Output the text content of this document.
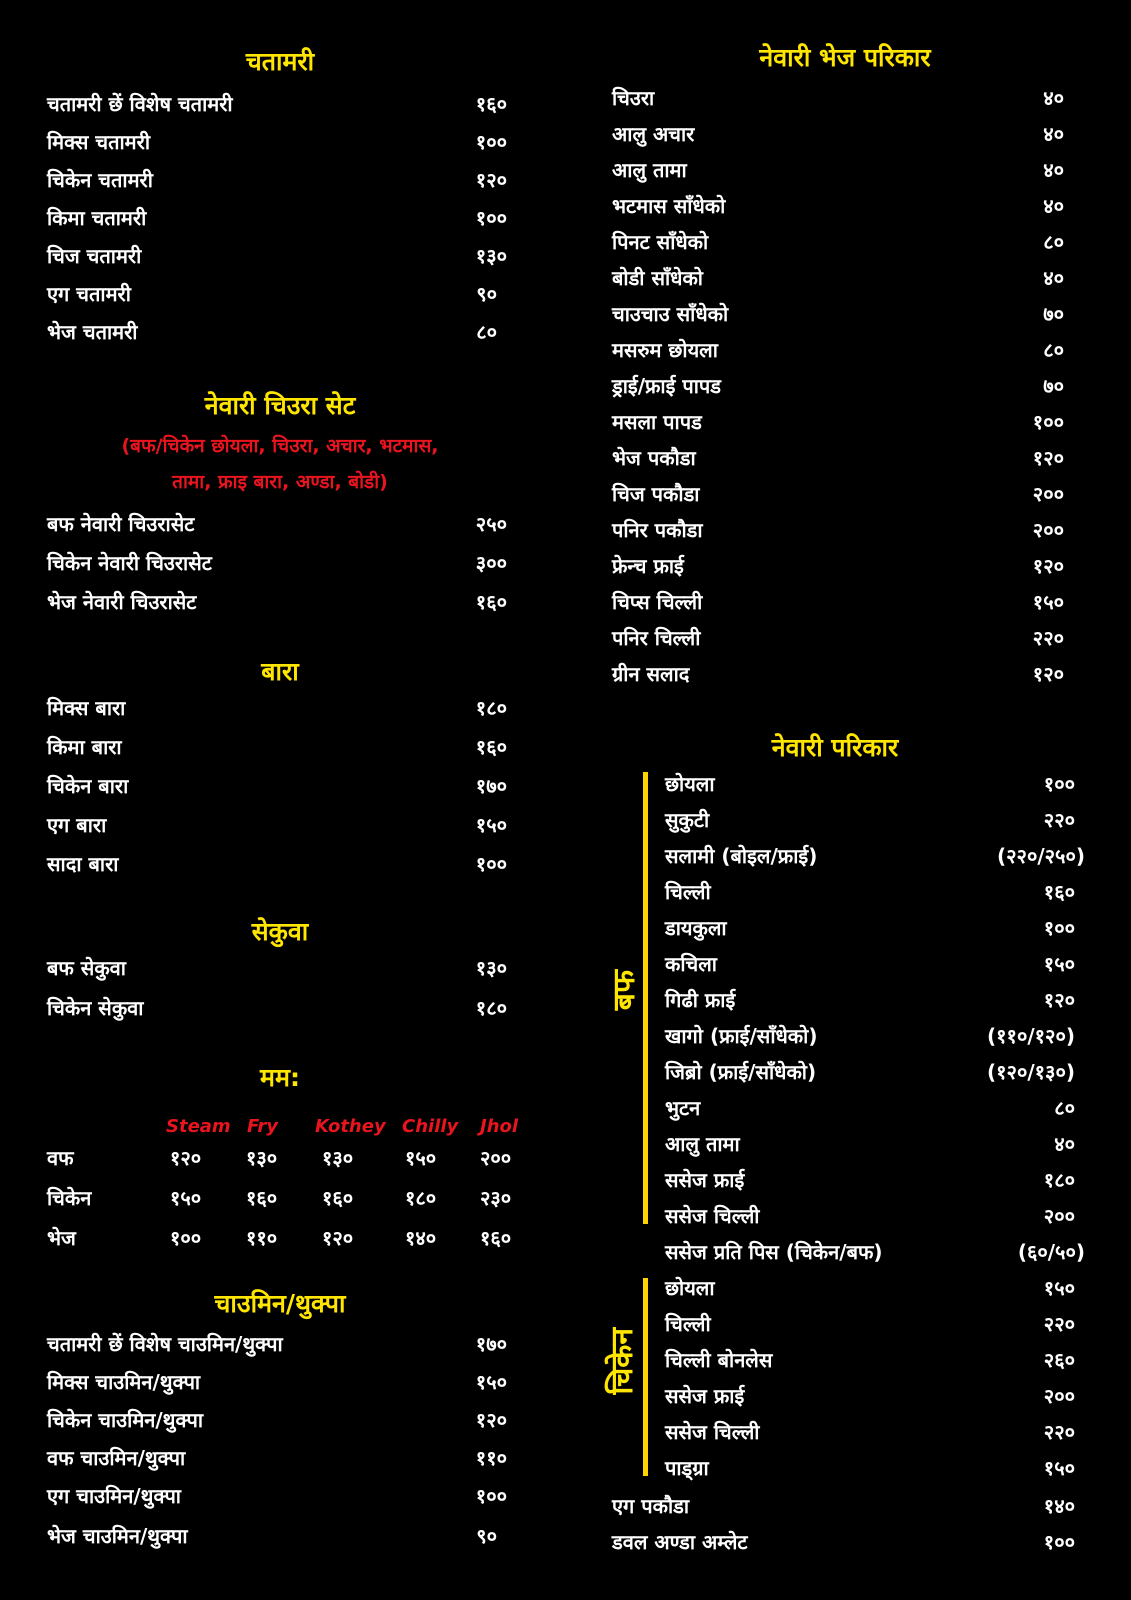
चतामरी
चतामरी छें विशेष चतामरी	१६०
मिक्स चतामरी	१००
चिकेन चतामरी	१२०
किमा चतामरी	१००
चिज चतामरी	१३०
एग चतामरी	९०
भेज चतामरी	८०
नेवारी चिउरा सेट
(बफ/चिकेन छोयला, चिउरा, अचार, भटमास,
तामा, फ्राइ बारा, अण्डा, बोडी)
बफ नेवारी चिउरासेट	२५०
चिकेन नेवारी चिउरासेट	३००
भेज नेवारी चिउरासेट	१६०
बारा
मिक्स बारा	१८०
किमा बारा	१६०
चिकेन बारा	१७०
एग बारा	१५०
सादा बारा	१००
सेकुवा
बफ सेकुवा	१३०
चिकेन सेकुवा	१८०
मम:
Steam Fry Kothey Chilly Jhol
वफ	१२० १३० १३०	१५० २००
चिकेन	१५० १६० १६०	१८० २३०
भेज	१०० ११० १२०	१४० १६०
चाउमिन/थुक्पा
चतामरी छें विशेष चाउमिन/थुक्पा	१७०
मिक्स चाउमिन/थुक्पा	१५०
चिकेन चाउमिन/थुक्पा	१२०
वफ चाउमिन/थुक्पा	११०
एग चाउमिन/थुक्पा	१००
भेज चाउमिन/थुक्पा	९०
नेवारी भेज परिकार
चिउरा	४०
आलु अचार	४०
आलु तामा	४०
भटमास साँधेको	४०
पिनट साँधेको	८०
बोडी साँधेको	४०
चाउचाउ साँधेको	७०
मसरुम छोयला	८०
ड्राई/फ्राई पापड	७०
मसला पापड	१००
भेज पकौडा	१२०
चिज पकौडा	२००
पनिर पकौडा	२००
फ्रेन्च फ्राई	१२०
चिप्स चिल्ली	१५०
पनिर चिल्ली	२२०
ग्रीन सलाद	१२०
नेवारी परिकार
बफ
छोयला	१००
सुकुटी	२२०
सलामी (बोइल/फ्राई)	(२२०/२५०)
चिल्ली	१६०
डायकुला	१००
कचिला	१५०
गिढी फ्राई	१२०
खागो (फ्राई/साँधेको)	(११०/१२०)
जिब्रो (फ्राई/साँधेको)	(१२०/१३०)
भुटन	८०
आलु तामा	४०
ससेज फ्राई	१८०
ससेज चिल्ली	२००
ससेज प्रति पिस (चिकेन/बफ)	(६०/५०)
चिकेन
छोयला	१५०
चिल्ली	२२०
चिल्ली बोनलेस	२६०
ससेज फ्राई	२००
ससेज चिल्ली	२२०
पाड्ग्रा	१५०
एग पकौडा	१४०
डवल अण्डा अम्लेट	१००
